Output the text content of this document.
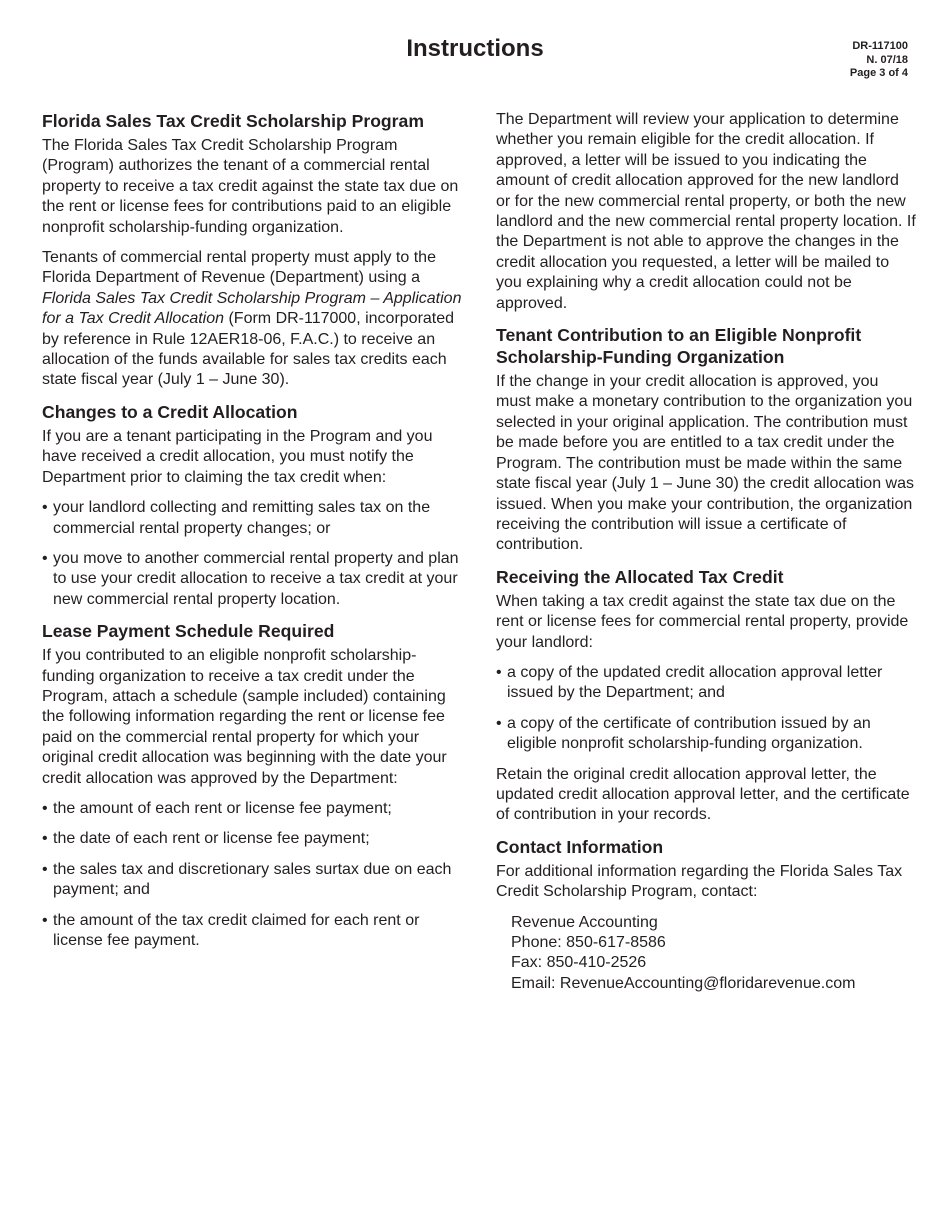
Instructions	DR-117100
N. 07/18
Page 3 of 4
Florida Sales Tax Credit Scholarship Program

The Florida Sales Tax Credit Scholarship Program (Program) authorizes the tenant of a commercial rental property to receive a tax credit against the state tax due on the rent or license fees for contributions paid to an eligible nonprofit scholarship-funding organization.

Tenants of commercial rental property must apply to the Florida Department of Revenue (Department) using a Florida Sales Tax Credit Scholarship Program – Application for a Tax Credit Allocation (Form DR-117000, incorporated by reference in Rule 12AER18-06, F.A.C.) to receive an allocation of the funds available for sales tax credits each state fiscal year (July 1 – June 30).

Changes to a Credit Allocation

If you are a tenant participating in the Program and you have received a credit allocation, you must notify the Department prior to claiming the tax credit when:

• your landlord collecting and remitting sales tax on the commercial rental property changes; or
• you move to another commercial rental property and plan to use your credit allocation to receive a tax credit at your new commercial rental property location.
Lease Payment Schedule Required

If you contributed to an eligible nonprofit scholarship-funding organization to receive a tax credit under the Program, attach a schedule (sample included) containing the following information regarding the rent or license fee paid on the commercial rental property for which your original credit allocation was beginning with the date your credit allocation was approved by the Department:

• the amount of each rent or license fee payment;
• the date of each rent or license fee payment;
• the sales tax and discretionary sales surtax due on each payment; and
• the amount of the tax credit claimed for each rent or license fee payment.

The Department will review your application to determine whether you remain eligible for the credit allocation. If approved, a letter will be issued to you indicating the amount of credit allocation approved for the new landlord or for the new commercial rental property, or both the new landlord and the new commercial rental property location. If the Department is not able to approve the changes in the credit allocation you requested, a letter will be mailed to you explaining why a credit allocation could not be approved.

Tenant Contribution to an Eligible Nonprofit Scholarship-Funding Organization

If the change in your credit allocation is approved, you must make a monetary contribution to the organization you selected in your original application. The contribution must be made before you are entitled to a tax credit under the Program. The contribution must be made within the same state fiscal year (July 1 – June 30) the credit allocation was issued. When you make your contribution, the organization receiving the contribution will issue a certificate of contribution.

Receiving the Allocated Tax Credit

When taking a tax credit against the state tax due on the rent or license fees for commercial rental property, provide your landlord:

• a copy of the updated credit allocation approval letter issued by the Department; and
• a copy of the certificate of contribution issued by an eligible nonprofit scholarship-funding organization.

Retain the original credit allocation approval letter, the updated credit allocation approval letter, and the certificate of contribution in your records.

Contact Information

For additional information regarding the Florida Sales Tax Credit Scholarship Program, contact:

Revenue Accounting
Phone: 850-617-8586
Fax: 850-410-2526
Email: RevenueAccounting@floridarevenue.com
